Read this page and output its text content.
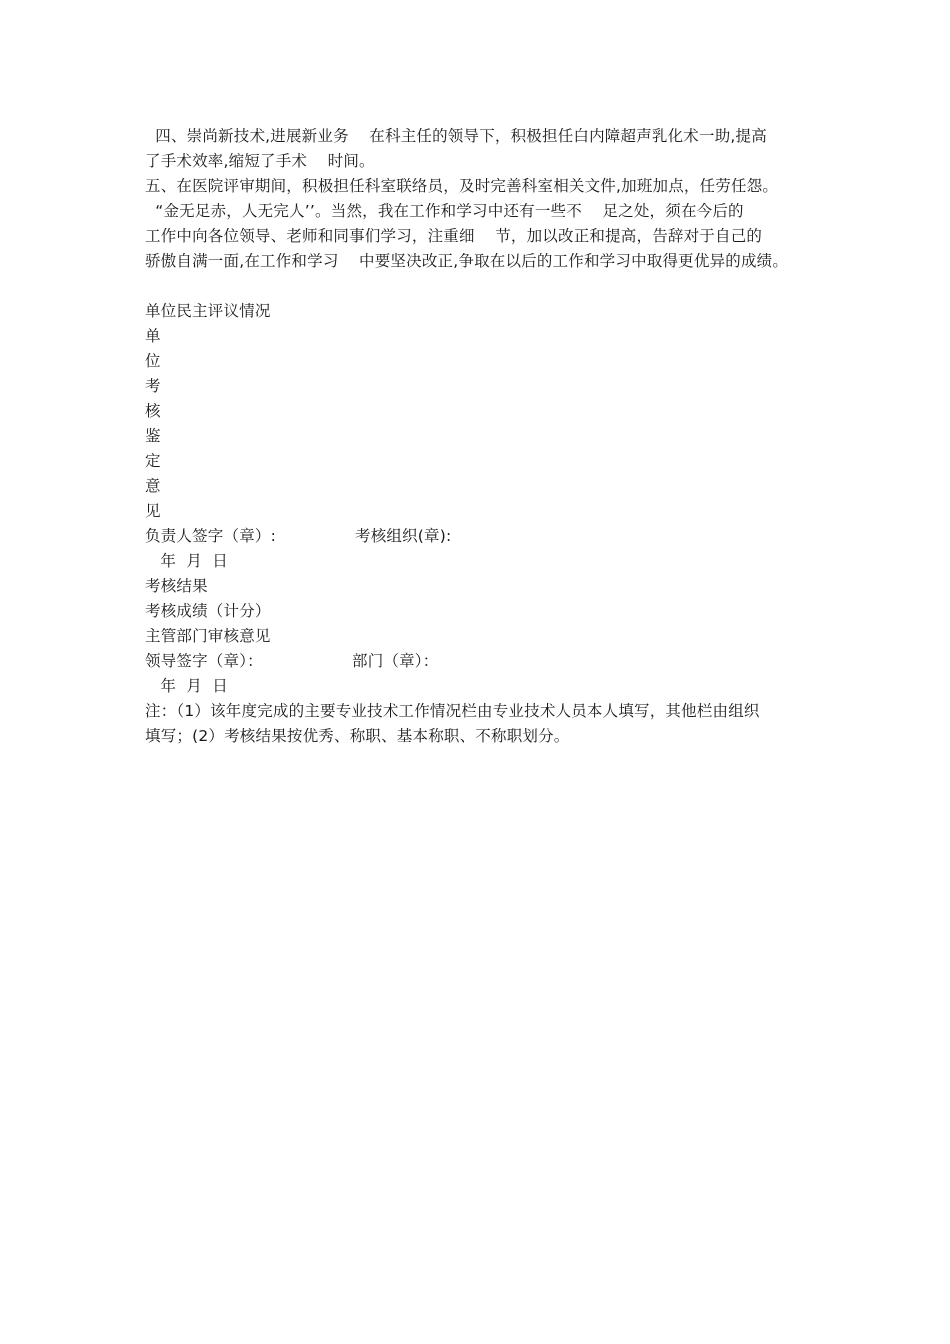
四、崇尚新技术,进展新业务    在科主任的领导下，积极担任白内障超声乳化术一助,提高
了手术效率,缩短了手术    时间。
五、在医院评审期间，积极担任科室联络员，及时完善科室相关文件,加班加点，任劳任怨。
“金无足赤，人无完人’’。当然，我在工作和学习中还有一些不    足之处，须在今后的
工作中向各位领导、老师和同事们学习，注重细    节，加以改正和提高，告辞对于自己的
骄傲自满一面,在工作和学习    中要坚决改正,争取在以后的工作和学习中取得更优异的成绩。
单位民主评议情况
单
位
考
核
鉴
定
意
见
负责人签字（章）:	考核组织(章):
年  月  日
考核结果
考核成绩（计分）
主管部门审核意见
领导签字（章）：	部门（章）：
年  月  日
注：（1）该年度完成的主要专业技术工作情况栏由专业技术人员本人填写，其他栏由组织
填写；(2）考核结果按优秀、称职、基本称职、不称职划分。
